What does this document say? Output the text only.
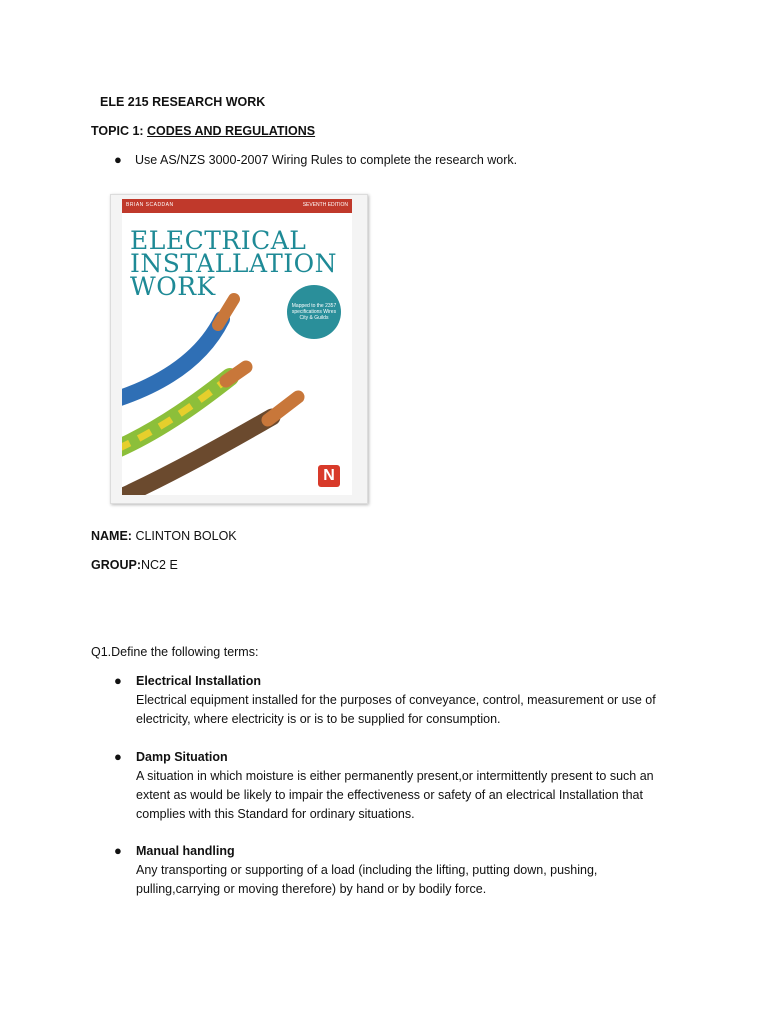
ELE 215 RESEARCH WORK
TOPIC 1: CODES AND REGULATIONS
● Use AS/NZS 3000-2007 Wiring Rules to complete the research work.
BRIAN SCADDAN	SEVENTH EDITION
ELECTRICAL
INSTALLATION
WORK
Mapped to the 2357 specifications Wires City & Guilds
N
NAME: CLINTON BOLOK
GROUP:NC2 E
Q1.Define the following terms:
● Electrical Installation
Electrical equipment installed for the purposes of conveyance, control, measurement or use of
electricity, where electricity is or is to be supplied for consumption.
● Damp Situation
A situation in which moisture is either permanently present,or intermittently present to such an
extent as would be likely to impair the effectiveness or safety of an electrical Installation that
complies with this Standard for ordinary situations.
● Manual handling
Any transporting or supporting of a load (including the lifting, putting down, pushing,
pulling,carrying or moving therefore) by hand or by bodily force.
